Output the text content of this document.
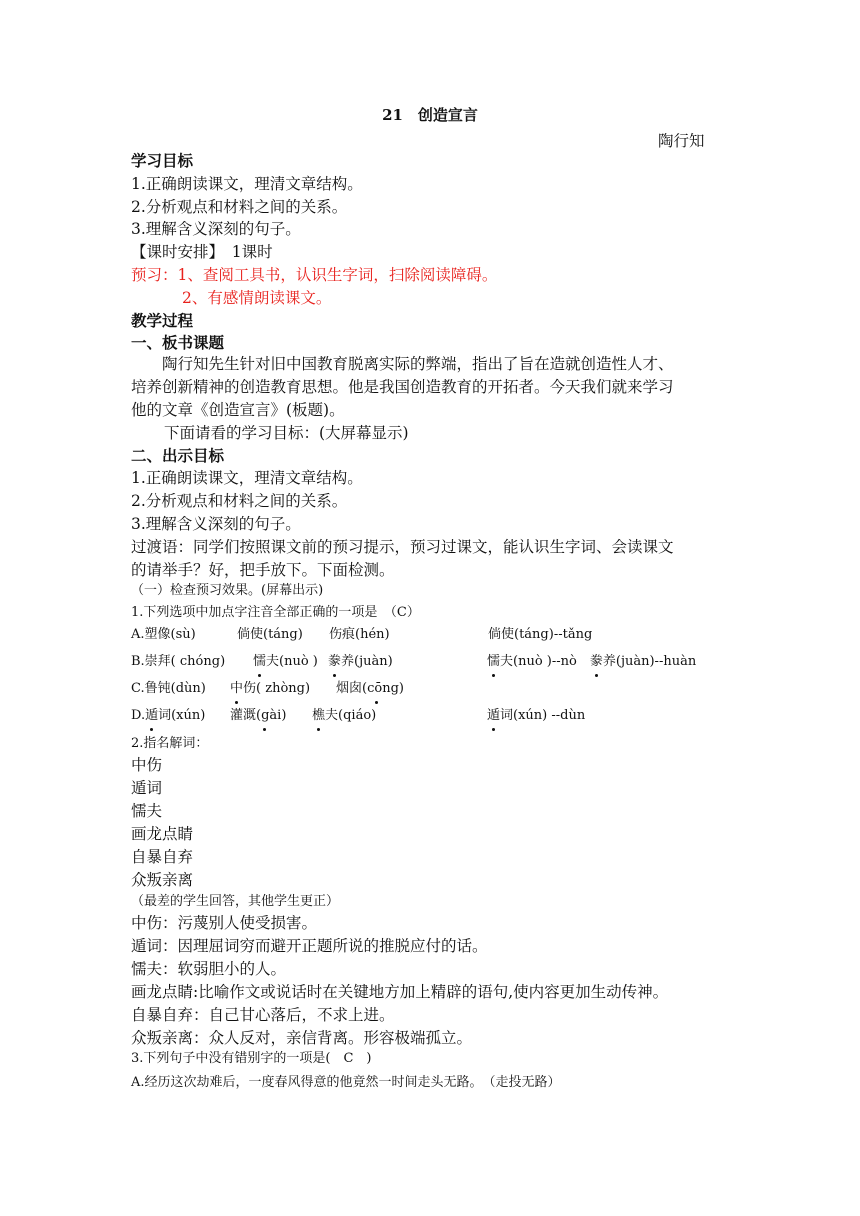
21　创造宣言
陶行知
学习目标
1.正确朗读课文，理清文章结构。
2.分析观点和材料之间的关系。
3.理解含义深刻的句子。
【课时安排】　1课时
预习：1、查阅工具书，认识生字词，扫除阅读障碍。
2、有感情朗读课文。
教学过程
一、板书课题
陶行知先生针对旧中国教育脱离实际的弊端，指出了旨在造就创造性人才、
培养创新精神的创造教育思想。他是我国创造教育的开拓者。今天我们就来学习
他的文章《创造宣言》(板题)。
下面请看的学习目标：(大屏幕显示)
二、出示目标
1.正确朗读课文，理清文章结构。
2.分析观点和材料之间的关系。
3.理解含义深刻的句子。
过渡语：同学们按照课文前的预习提示，预习过课文，能认识生字词、会读课文
的请举手？好，把手放下。下面检测。
（一）检查预习效果。(屏幕出示)
1.下列选项中加点字注音全部正确的一项是　（C）
A.塑像(sù)	倘使(táng) 伤痕(hén)	倘使(táng)--tǎng
B.崇拜( chóng) 懦夫(nuò ) 豢养(juàn)	懦夫(nuò )--nò　豢养(juàn)--huàn
C.鲁钝(dùn) 中伤( zhòng) 烟囱(cōng)
D.遁词(xún) 灌溉(gài) 樵夫(qiáo)	遁词(xún) --dùn
2.指名解词：
中伤
遁词
懦夫
画龙点睛
自暴自弃
众叛亲离
（最差的学生回答，其他学生更正）
中伤：污蔑别人使受损害。
遁词：因理屈词穷而避开正题所说的推脱应付的话。
懦夫：软弱胆小的人。
画龙点睛:比喻作文或说话时在关键地方加上精辟的语句,使内容更加生动传神。
自暴自弃：自己甘心落后，不求上进。
众叛亲离：众人反对，亲信背离。形容极端孤立。
3.下列句子中没有错别字的一项是(　C　)
A.经历这次劫难后，一度春风得意的他竟然一时间走头无路。　（走投无路）
